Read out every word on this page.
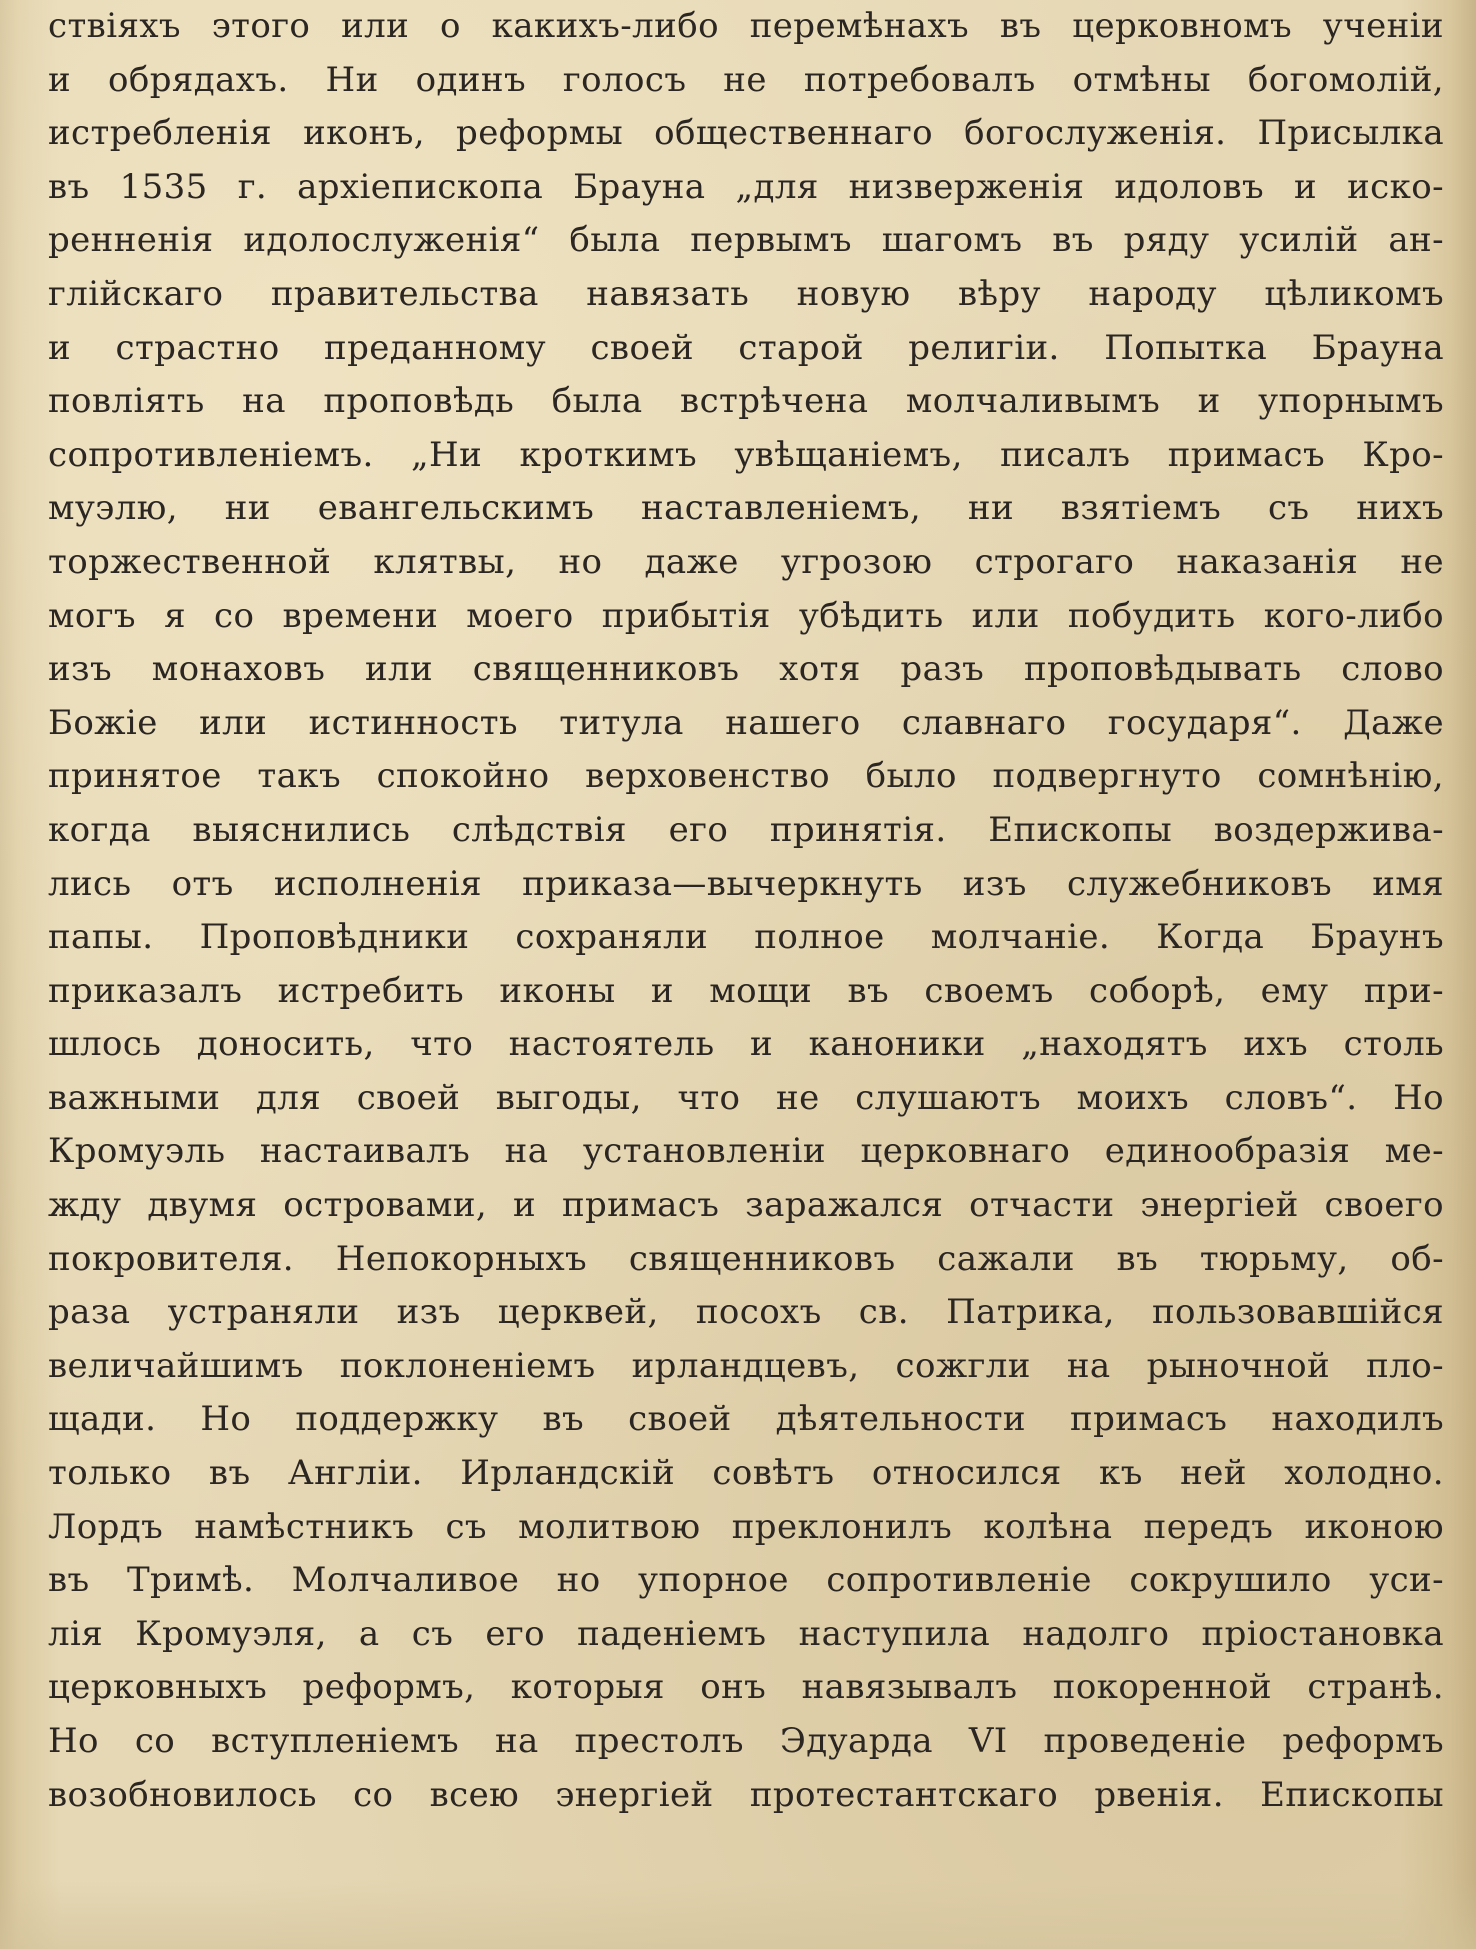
ствіяхъ этого или о какихъ-либо перемѣнахъ въ церковномъ ученіи
и обрядахъ. Ни одинъ голосъ не потребовалъ отмѣны богомолій,
истребленія иконъ, реформы общественнаго богослуженія. Присылка
въ 1535 г. архіепископа Брауна „для низверженія идоловъ и иско-
ренненія идолослуженія“ была первымъ шагомъ въ ряду усилій ан-
глійскаго правительства навязать новую вѣру народу цѣликомъ
и страстно преданному своей старой религіи. Попытка Брауна
повліять на проповѣдь была встрѣчена молчаливымъ и упорнымъ
сопротивленіемъ. „Ни кроткимъ увѣщаніемъ, писалъ примасъ Кро-
муэлю, ни евангельскимъ наставленіемъ, ни взятіемъ съ нихъ
торжественной клятвы, но даже угрозою строгаго наказанія не
могъ я со времени моего прибытія убѣдить или побудить кого-либо
изъ монаховъ или священниковъ хотя разъ проповѣдывать слово
Божіе или истинность титула нашего славнаго государя“. Даже
принятое такъ спокойно верховенство было подвергнуто сомнѣнію,
когда выяснились слѣдствія его принятія. Епископы воздержива-
лись отъ исполненія приказа—вычеркнуть изъ служебниковъ имя
папы. Проповѣдники сохраняли полное молчаніе. Когда Браунъ
приказалъ истребить иконы и мощи въ своемъ соборѣ, ему при-
шлось доносить, что настоятель и каноники „находятъ ихъ столь
важными для своей выгоды, что не слушаютъ моихъ словъ“. Но
Кромуэль настаивалъ на установленіи церковнаго единообразія ме-
жду двумя островами, и примасъ заражался отчасти энергіей своего
покровителя. Непокорныхъ священниковъ сажали въ тюрьму, об-
раза устраняли изъ церквей, посохъ св. Патрика, пользовавшійся
величайшимъ поклоненіемъ ирландцевъ, сожгли на рыночной пло-
щади. Но поддержку въ своей дѣятельности примасъ находилъ
только въ Англіи. Ирландскій совѣтъ относился къ ней холодно.
Лордъ намѣстникъ съ молитвою преклонилъ колѣна передъ иконою
въ Тримѣ. Молчаливое но упорное сопротивленіе сокрушило уси-
лія Кромуэля, а съ его паденіемъ наступила надолго пріостановка
церковныхъ реформъ, которыя онъ навязывалъ покоренной странѣ.
Но со вступленіемъ на престолъ Эдуарда VI проведеніе реформъ
возобновилось со всею энергіей протестантскаго рвенія. Епископы
